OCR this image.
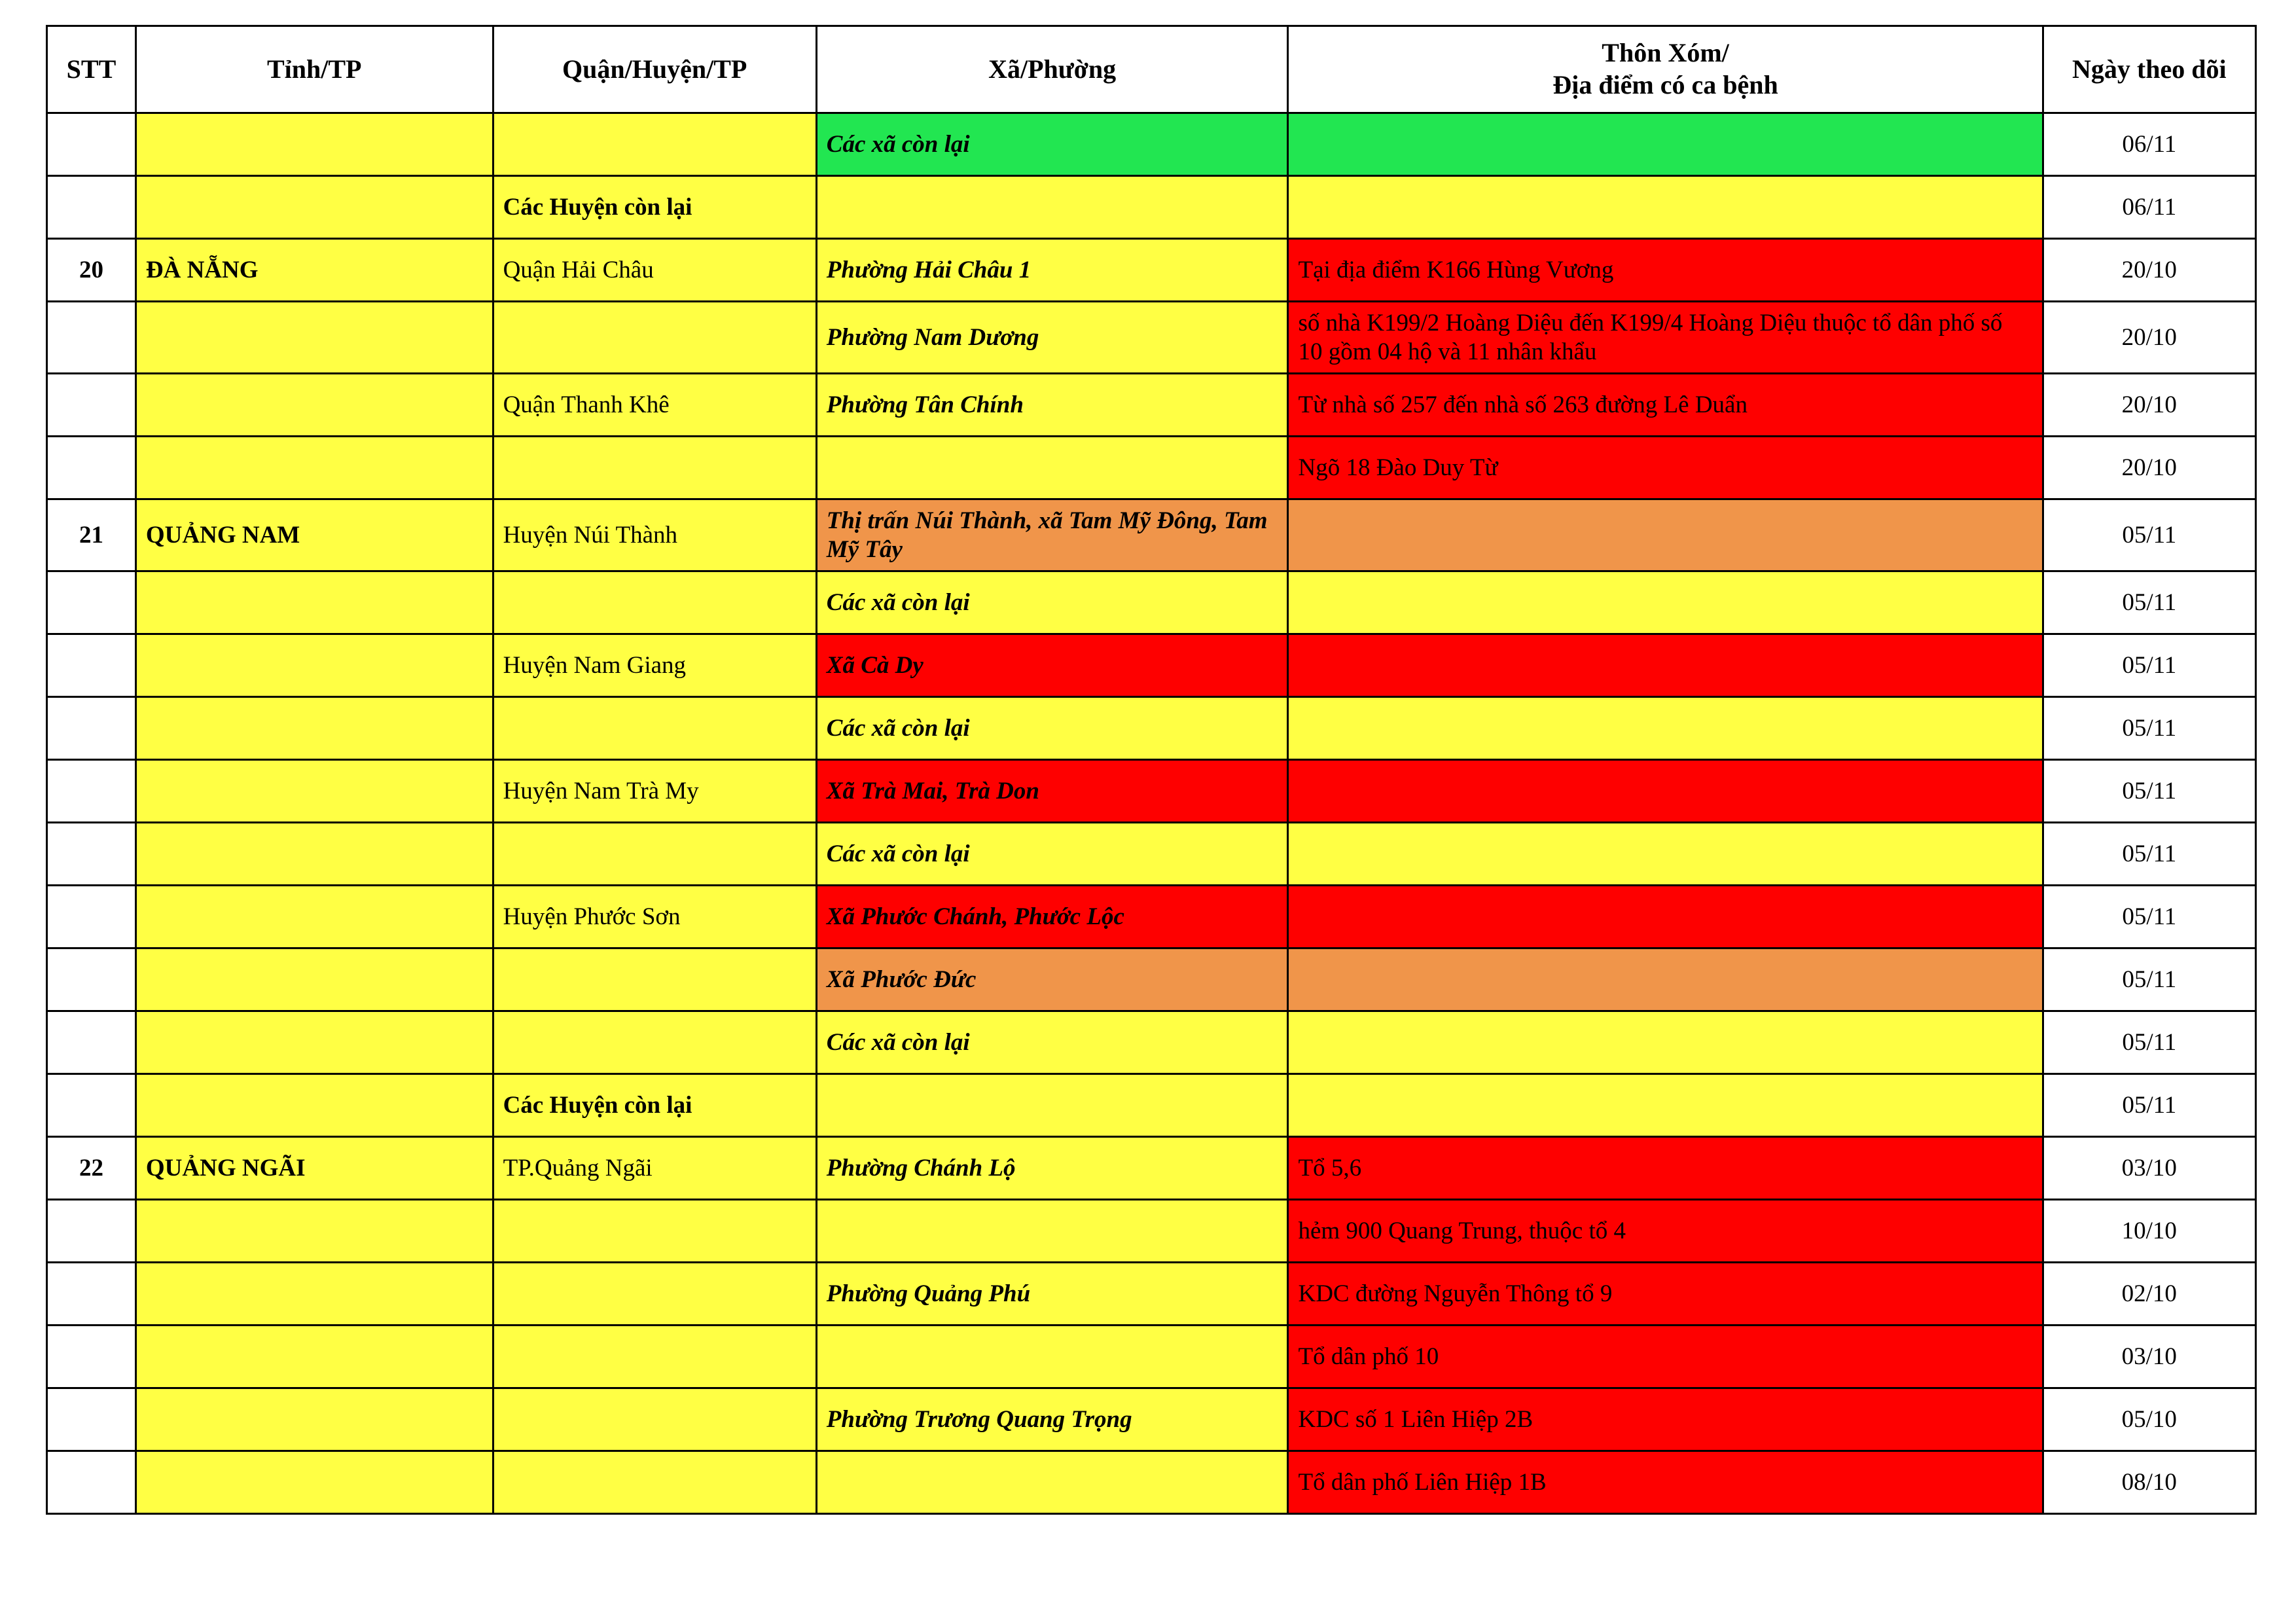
STT	Tỉnh/TP	Quận/Huyện/TP	Xã/Phường	Thôn Xóm/
Địa điểm có ca bệnh	Ngày theo dõi

			Các xã còn lại		06/11

		Các Huyện còn lại			06/11

20	ĐÀ NẴNG	Quận Hải Châu	Phường Hải Châu 1	Tại địa điểm K166 Hùng Vương	20/10

			Phường Nam Dương	số nhà K199/2 Hoàng Diệu đến K199/4 Hoàng Diệu thuộc tổ dân phố số 10 gồm 04 hộ và 11 nhân khẩu	20/10

		Quận Thanh Khê	Phường Tân Chính	Từ nhà số 257 đến nhà số 263 đường Lê Duẩn	20/10

				Ngõ 18 Đào Duy Từ	20/10

21	QUẢNG NAM	Huyện Núi Thành	Thị trấn Núi Thành, xã Tam Mỹ Đông, Tam Mỹ Tây		05/11

			Các xã còn lại		05/11

		Huyện Nam Giang	Xã Cà Dy		05/11

			Các xã còn lại		05/11

		Huyện Nam Trà My	Xã Trà Mai, Trà Don		05/11

			Các xã còn lại		05/11

		Huyện Phước Sơn	Xã Phước Chánh, Phước Lộc		05/11

			Xã Phước Đức		05/11

			Các xã còn lại		05/11

		Các Huyện còn lại			05/11

22	QUẢNG NGÃI	TP.Quảng Ngãi	Phường Chánh Lộ	Tổ 5,6	03/10

				hẻm 900 Quang Trung, thuộc tổ 4	10/10

			Phường Quảng Phú	KDC đường Nguyễn Thông tổ 9	02/10

				Tổ dân phố 10	03/10

			Phường Trương Quang Trọng	KDC số 1 Liên Hiệp 2B	05/10

				Tổ dân phố Liên Hiệp 1B	08/10
